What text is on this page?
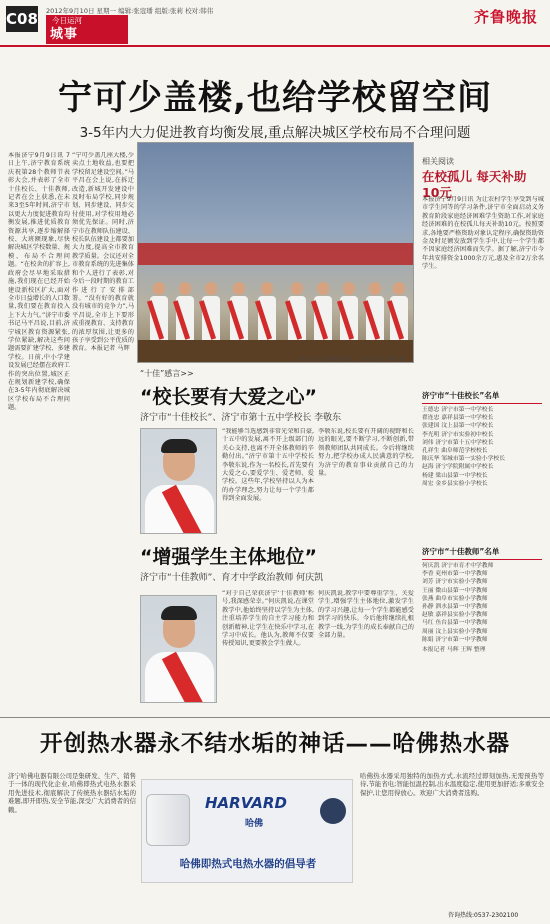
C08 2012年9月10日 星期一 编辑:张寇璠 组版:张莉 校对:韩伟
今日运河
城事
齐鲁晚报
宁可少盖楼,也给学校留空间
3-5年内大力促进教育均衡发展,重点解决城区学校布局不合理问题
本报济宁9月9日讯 7日上午,济宁教育系统庆祝第28个教师节表彰大会,并表彰了全市十佳校长、十佳教师,记者在会上获悉,在未来3至5年时间,济宁市以更大力度促进教育均衡发展,推进优质教育资源共享,逐步缩解择校、大班额现象,尽快解决城区学校数量、规模、布局不合理问题。“在校舍的扩容上,政府会尽早地采取措施,我们现在已经开始建设新校区扩大,面对全市日益增长的人口数量,我们要在教育投入上下大力气。”济宁市委书记马平昌说,目前,济宁城区教育资源紧张,学位紧缺,解决这些问题需要扩建学校、多建学校。日前,中小学建设发展已经摆在政府工作的突出位置,城区正在规划新建学校,确保在3-5年内彻底解决城区学校布局不合理问题。
“宁可少盖几座大楼,少卖点土地收益,也要把学校留足建设空间。”马平昌在会上说,在拆迁改造,新城开发建设中及时布局学校,同步规划、同步建设、同步交付使用,对学校用地必须优先保证。同时,济宁市在教师队伍建设、校长队伍建设上都要加大力度,提高全市教育教学质量。会议还对全市教育系统的先进集体和个人进行了表彰,对今后一段时期的教育工作进行了安排部署。“没有好的教育就没有城市的竞争力”,马平昌说,全市上下要形成重视教育、支持教育的浓厚氛围,让更多的孩子享受到公平优质的教育。本报记者 马辉
济宁市十佳教师表彰。 本报记者 马辉 摄
相关阅读
在校孤儿 每天补助10元
本报济宁9月9日讯 为让农村学生享受到与城市学生同等的学习条件,济宁市全面启动义务教育阶段家庭经济困难学生资助工作,对家庭经济困难的在校孤儿每天补助10元。按照要求,各地要严格资助对象认定程序,确保资助资金及时足额发放到学生手中,让每一个学生都不因家庭经济困难而失学。据了解,济宁市今年共安排资金1000余万元,惠及全市2万余名学生。
济宁市“十佳校长”名单
王德忠 济宁市第一中学校长
翟连忠 嘉祥县第一中学校长
张建国 汶上县第一中学校长
李光明 济宁市实验初中校长
刘伟 济宁市第十五中学校长
孔祥生 曲阜师范学校校长
陈庆华 邹城市第一实验小学校长
赵海 济宁学院附属中学校长
杨建 梁山县第一中学校长
周宏 金乡县实验小学校长
济宁市“十佳教师”名单
何庆凯 济宁市育才中学教师
李香 兖州市第一中学教师
刘芳 济宁市实验小学教师
王丽 微山县第一中学教师
张燕 曲阜市实验小学教师
孙静 泗水县第一中学教师
赵敏 嘉祥县实验小学教师
马红 鱼台县第一中学教师
周丽 汶上县实验小学教师
陈娟 济宁市第一中学教师
本报记者 马辉 王辉 整理
“十佳”感言>>
“校长要有大爱之心”
济宁市“十佳校长”、济宁市第十五中学校长 李敬东
“我能够当选感到非常光荣和自豪,十五中的发展,离不开上级部门的关心支持,也离不开全体教师的辛勤付出。”济宁市第十五中学校长李敬东说,作为一名校长,首先要有大爱之心,要爱学生、爱老师、爱学校。这些年,学校坚持以人为本的办学理念,努力让每一个学生都得到全面发展。
李敬东说,校长要有开阔的视野和长远的眼光,要不断学习,不断创新,带领教师团队共同成长。今后将继续努力,把学校办成人民满意的学校,为济宁的教育事业贡献自己的力量。
“增强学生主体地位”
济宁市“十佳教师”、育才中学政治教师 何庆凯
“对于自己荣获济宁‘十佳教师’称号,我深感荣幸。”何庆凯说,在课堂教学中,他始终坚持以学生为主体,注重培养学生的自主学习能力和创新精神,让学生在快乐中学习,在学习中成长。他认为,教师不仅要传授知识,更要教会学生做人。
何庆凯说,教学中要尊重学生、关爱学生,增强学生主体地位,激发学生的学习兴趣,让每一个学生都能感受到学习的快乐。今后他将继续扎根教学一线,为学生的成长奉献自己的全部力量。
开创热水器永不结水垢的神话——哈佛热水器
济宁哈佛电器有限公司是集研发、生产、销售于一体的现代化企业,哈佛即热式电热水器采用先进技术,彻底解决了传统热水器结水垢的难题,即开即热,安全节能,深受广大消费者的信赖。	HARVARD
哈佛
哈佛即热式电热水器的倡导者
哈佛热水器采用独特的加热方式,水流经过即刻加热,无需预热等待,节能省电;智能恒温控制,出水温度稳定,使用更加舒适;多重安全保护,让您用得放心。欢迎广大消费者选购。
咨询热线:0537-2302100
